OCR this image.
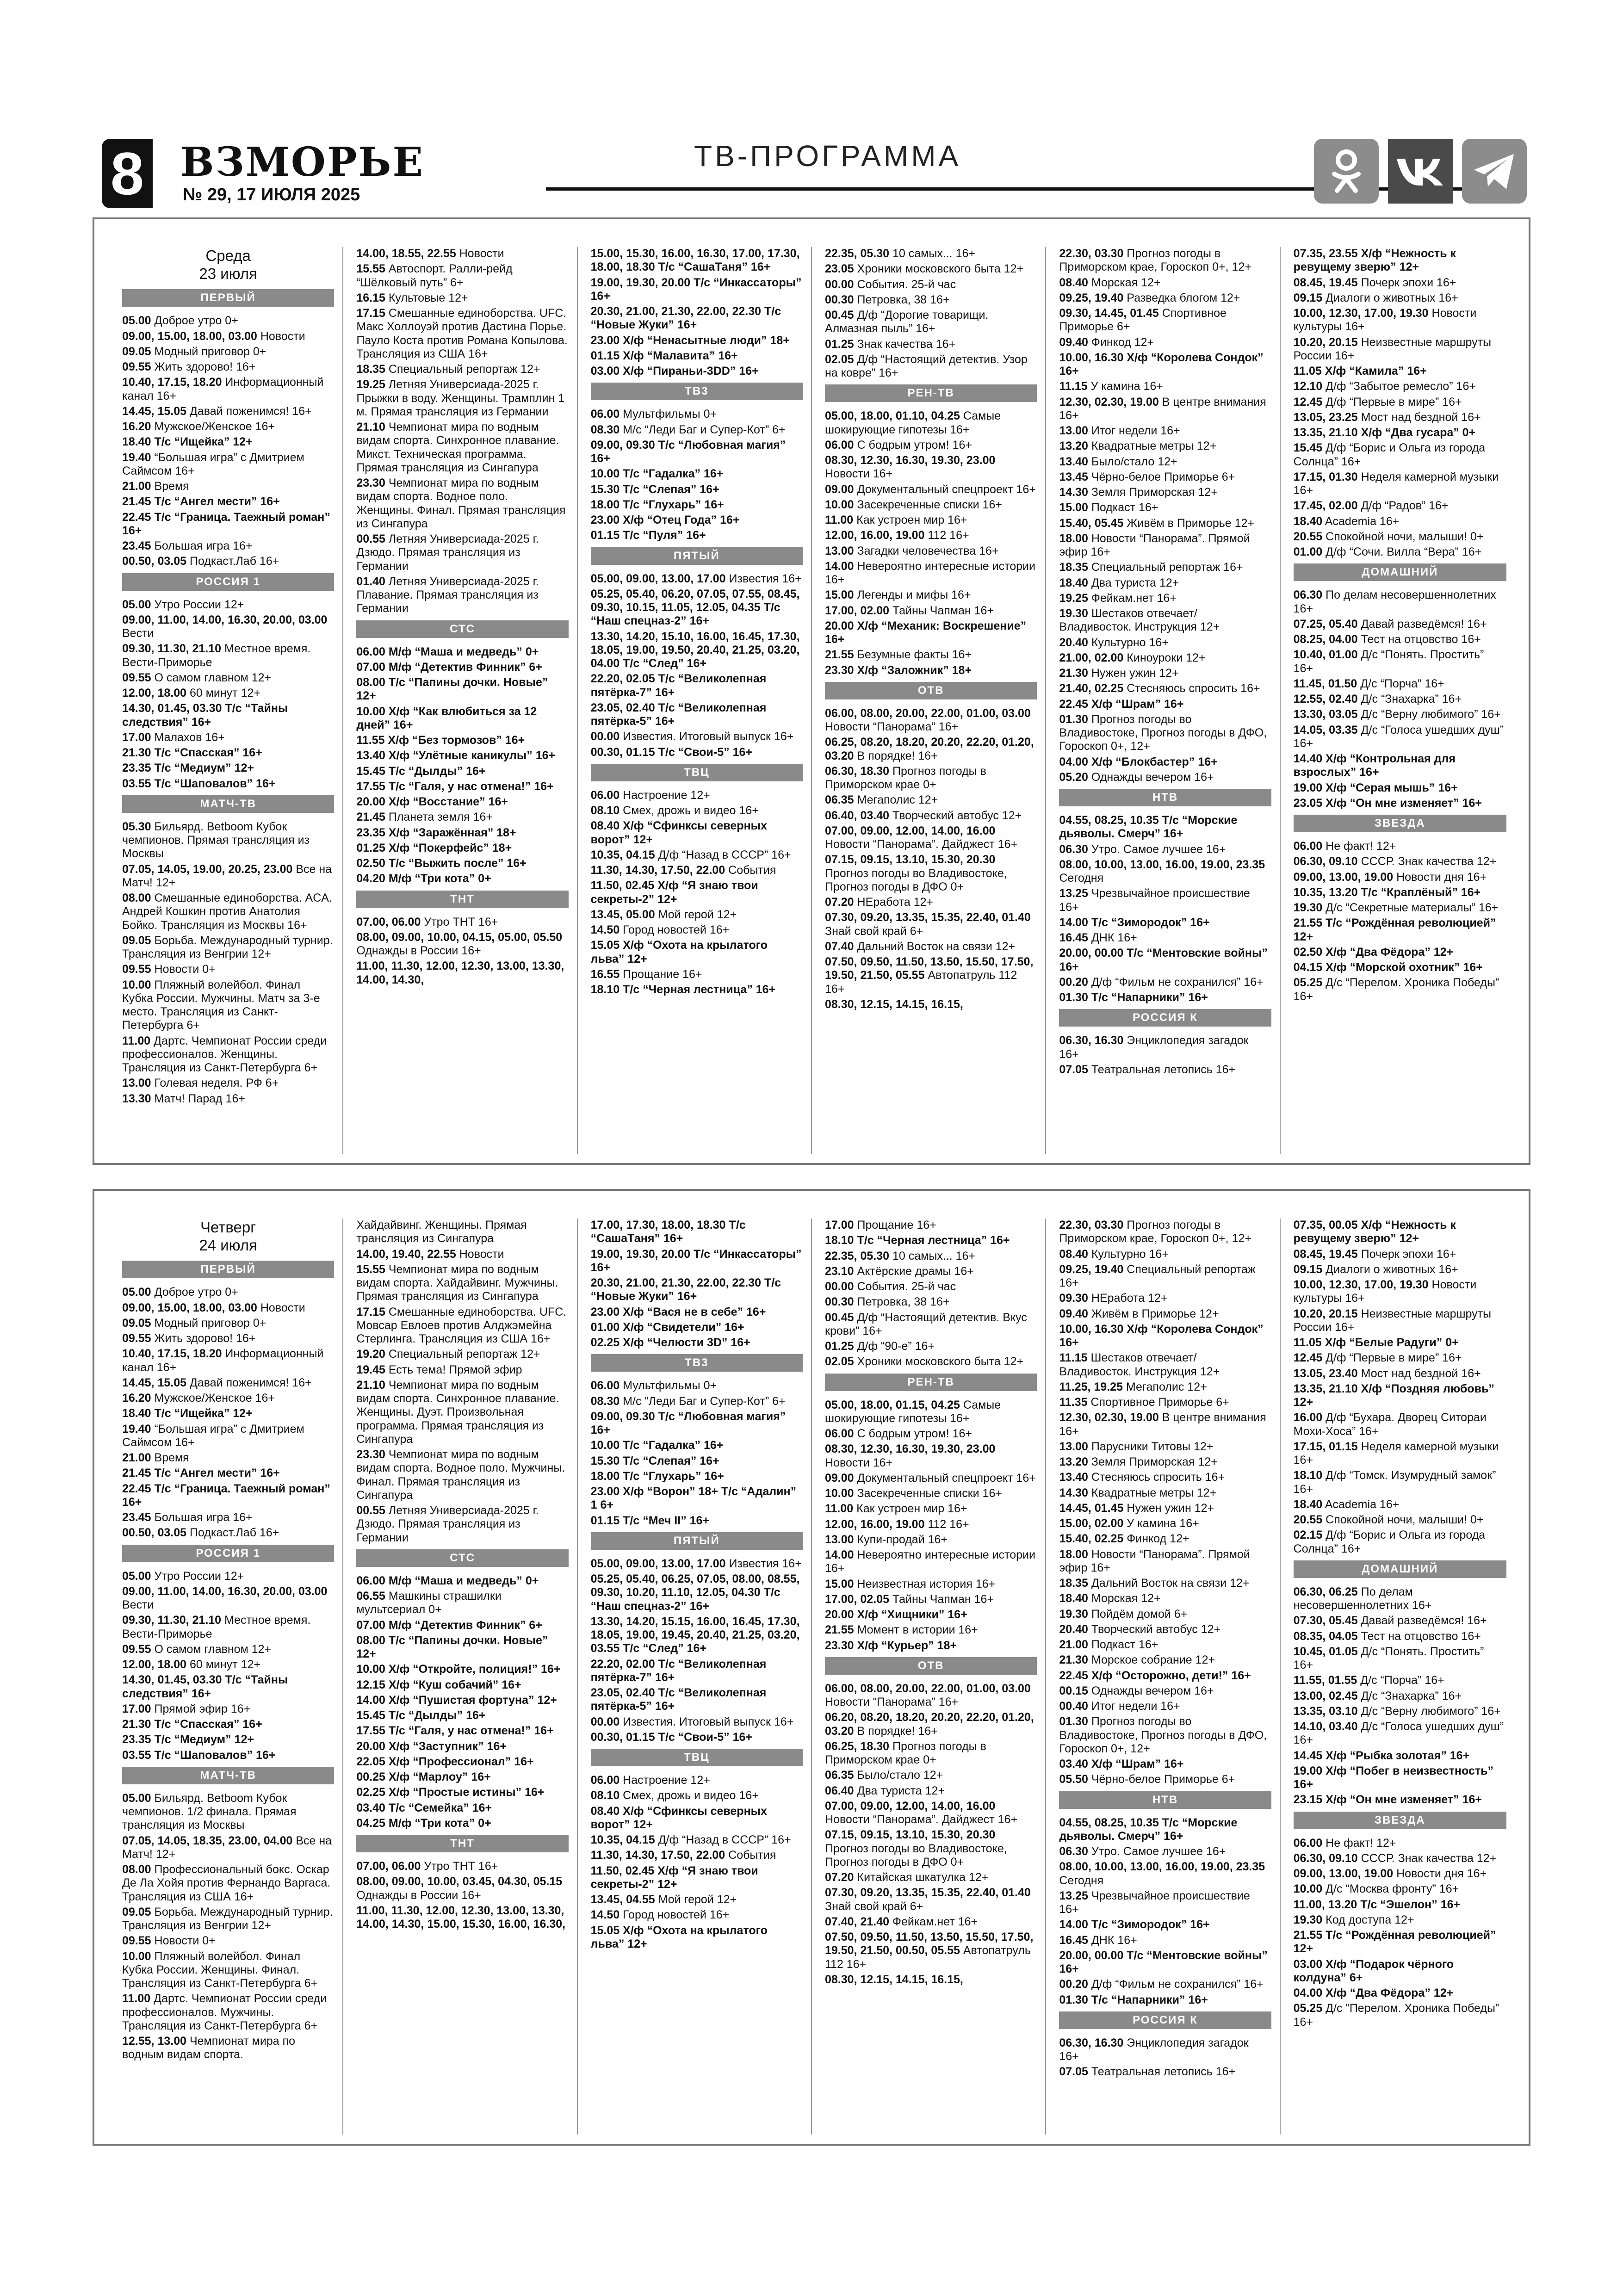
8 ВЗМОРЬЕ
№ 29, 17 ИЮЛЯ 2025
ТВ-ПРОГРАММА
Среда
23 июля
ПЕРВЫЙ
05.00 Доброе утро 0+
09.00, 15.00, 18.00, 03.00 Новости
09.05 Модный приговор 0+
09.55 Жить здорово! 16+
10.40, 17.15, 18.20 Информационный канал 16+
14.45, 15.05 Давай поженимся! 16+
16.20 Мужское/Женское 16+
18.40 Т/с “Ищейка” 12+
19.40 “Большая игра” с Дмитрием Саймсом 16+
21.00 Время
21.45 Т/с “Ангел мести” 16+
22.45 Т/с “Граница. Таежный роман” 16+
23.45 Большая игра 16+
00.50, 03.05 Подкаст.Лаб 16+
РОССИЯ 1
05.00 Утро России 12+
09.00, 11.00, 14.00, 16.30, 20.00, 03.00 Вести
09.30, 11.30, 21.10 Местное время. Вести-Приморье
09.55 О самом главном 12+
12.00, 18.00 60 минут 12+
14.30, 01.45, 03.30 Т/с “Тайны следствия” 16+
17.00 Малахов 16+
21.30 Т/с “Спасская” 16+
23.35 Т/с “Медиум” 12+
03.55 Т/с “Шаповалов” 16+
МАТЧ-ТВ
05.30 Бильярд. Betboom Кубок чемпионов. Прямая трансляция из Москвы
07.05, 14.05, 19.00, 20.25, 23.00 Все на Матч! 12+
08.00 Смешанные единоборства. ACA. Андрей Кошкин против Анатолия Бойко. Трансляция из Москвы 16+
09.05 Борьба. Международный турнир. Трансляция из Венгрии 12+
09.55 Новости 0+
10.00 Пляжный волейбол. Финал Кубка России. Мужчины. Матч за 3-е место. Трансляция из Санкт-Петербурга 6+
11.00 Дартс. Чемпионат России среди профессионалов. Женщины. Трансляция из Санкт-Петербурга 6+
13.00 Голевая неделя. РФ 6+
13.30 Матч! Парад 16+
14.00, 18.55, 22.55 Новости
15.55 Автоспорт. Ралли-рейд “Шёлковый путь” 6+
16.15 Культовые 12+
17.15 Смешанные единоборства. UFC. Макс Холлоуэй против Дастина Порье. Пауло Коста против Романа Копылова. Трансляция из США 16+
18.35 Специальный репортаж 12+
19.25 Летняя Универсиада-2025 г. Прыжки в воду. Женщины. Трамплин 1 м. Прямая трансляция из Германии
21.10 Чемпионат мира по водным видам спорта. Синхронное плавание. Микст. Техническая программа. Прямая трансляция из Сингапура
23.30 Чемпионат мира по водным видам спорта. Водное поло. Женщины. Финал. Прямая трансляция из Сингапура
00.55 Летняя Универсиада-2025 г. Дзюдо. Прямая трансляция из Германии
01.40 Летняя Универсиада-2025 г. Плавание. Прямая трансляция из Германии
СТС
06.00 М/ф “Маша и медведь” 0+
07.00 М/ф “Детектив Финник” 6+
08.00 Т/с “Папины дочки. Новые” 12+
10.00 Х/ф “Как влюбиться за 12 дней” 16+
11.55 Х/ф “Без тормозов” 16+
13.40 Х/ф “Улётные каникулы” 16+
15.45 Т/с “Дылды” 16+
17.55 Т/с “Галя, у нас отмена!” 16+
20.00 Х/ф “Восстание” 16+
21.45 Планета земля 16+
23.35 Х/ф “Заражённая” 18+
01.25 Х/ф “Покерфейс” 18+
02.50 Т/с “Выжить после” 16+
04.20 М/ф “Три кота” 0+
ТНТ
07.00, 06.00 Утро ТНТ 16+
08.00, 09.00, 10.00, 04.15, 05.00, 05.50 Однажды в России 16+
11.00, 11.30, 12.00, 12.30, 13.00, 13.30, 14.00, 14.30,
15.00, 15.30, 16.00, 16.30, 17.00, 17.30, 18.00, 18.30 Т/с “СашаТаня” 16+
19.00, 19.30, 20.00 Т/с “Инкассаторы” 16+
20.30, 21.00, 21.30, 22.00, 22.30 Т/с “Новые Жуки” 16+
23.00 Х/ф “Ненасытные люди” 18+
01.15 Х/ф “Малавита” 16+
03.00 Х/ф “Пираньи-3DD” 16+
ТВ3
06.00 Мультфильмы 0+
08.30 М/с “Леди Баг и Супер-Кот” 6+
09.00, 09.30 Т/с “Любовная магия” 16+
10.00 Т/с “Гадалка” 16+
15.30 Т/с “Слепая” 16+
18.00 Т/с “Глухарь” 16+
23.00 Х/ф “Отец Года” 16+
01.15 Т/с “Пуля” 16+
ПЯТЫЙ
05.00, 09.00, 13.00, 17.00 Известия 16+
05.25, 05.40, 06.20, 07.05, 07.55, 08.45, 09.30, 10.15, 11.05, 12.05, 04.35 Т/с “Наш спецназ-2” 16+
13.30, 14.20, 15.10, 16.00, 16.45, 17.30, 18.05, 19.00, 19.50, 20.40, 21.25, 03.20, 04.00 Т/с “След” 16+
22.20, 02.05 Т/с “Великолепная пятёрка-7” 16+
23.05, 02.40 Т/с “Великолепная пятёрка-5” 16+
00.00 Известия. Итоговый выпуск 16+
00.30, 01.15 Т/с “Свои-5” 16+
ТВЦ
06.00 Настроение 12+
08.10 Смех, дрожь и видео 16+
08.40 Х/ф “Сфинксы северных ворот” 12+
10.35, 04.15 Д/ф “Назад в СССР” 16+
11.30, 14.30, 17.50, 22.00 События
11.50, 02.45 Х/ф “Я знаю твои секреты-2” 12+
13.45, 05.00 Мой герой 12+
14.50 Город новостей 16+
15.05 Х/ф “Охота на крылатого льва” 12+
16.55 Прощание 16+
18.10 Т/с “Черная лестница” 16+
22.35, 05.30 10 самых... 16+
23.05 Хроники московского быта 12+
00.00 События. 25-й час
00.30 Петровка, 38 16+
00.45 Д/ф “Дорогие товарищи. Алмазная пыль” 16+
01.25 Знак качества 16+
02.05 Д/ф “Настоящий детектив. Узор на ковре” 16+
РЕН-ТВ
05.00, 18.00, 01.10, 04.25 Самые шокирующие гипотезы 16+
06.00 С бодрым утром! 16+
08.30, 12.30, 16.30, 19.30, 23.00 Новости 16+
09.00 Документальный спецпроект 16+
10.00 Засекреченные списки 16+
11.00 Как устроен мир 16+
12.00, 16.00, 19.00 112 16+
13.00 Загадки человечества 16+
14.00 Невероятно интересные истории 16+
15.00 Легенды и мифы 16+
17.00, 02.00 Тайны Чапман 16+
20.00 Х/ф “Механик: Воскрешение” 16+
21.55 Безумные факты 16+
23.30 Х/ф “Заложник” 18+
ОТВ
06.00, 08.00, 20.00, 22.00, 01.00, 03.00 Новости “Панорама” 16+
06.25, 08.20, 18.20, 20.20, 22.20, 01.20, 03.20 В порядке! 16+
06.30, 18.30 Прогноз погоды в Приморском крае 0+
06.35 Мегаполис 12+
06.40, 03.40 Творческий автобус 12+
07.00, 09.00, 12.00, 14.00, 16.00 Новости “Панорама”. Дайджест 16+
07.15, 09.15, 13.10, 15.30, 20.30 Прогноз погоды во Владивостоке, Прогноз погоды в ДФО 0+
07.20 НЕработа 12+
07.30, 09.20, 13.35, 15.35, 22.40, 01.40 Знай свой край 6+
07.40 Дальний Восток на связи 12+
07.50, 09.50, 11.50, 13.50, 15.50, 17.50, 19.50, 21.50, 05.55 Автопатруль 112 16+
08.30, 12.15, 14.15, 16.15,
22.30, 03.30 Прогноз погоды в Приморском крае, Гороскоп 0+, 12+
08.40 Морская 12+
09.25, 19.40 Разведка блогом 12+
09.30, 14.45, 01.45 Спортивное Приморье 6+
09.40 Финкод 12+
10.00, 16.30 Х/ф “Королева Сондок” 16+
11.15 У камина 16+
12.30, 02.30, 19.00 В центре внимания 16+
13.00 Итог недели 16+
13.20 Квадратные метры 12+
13.40 Было/стало 12+
13.45 Чёрно-белое Приморье 6+
14.30 Земля Приморская 12+
15.00 Подкаст 16+
15.40, 05.45 Живём в Приморье 12+
18.00 Новости “Панорама”. Прямой эфир 16+
18.35 Специальный репортаж 16+
18.40 Два туриста 12+
19.25 Фейкам.нет 16+
19.30 Шестаков отвечает/ Владивосток. Инструкция 12+
20.40 Культурно 16+
21.00, 02.00 Киноуроки 12+
21.30 Нужен ужин 12+
21.40, 02.25 Стесняюсь спросить 16+
22.45 Х/ф “Шрам” 16+
01.30 Прогноз погоды во Владивостоке, Прогноз погоды в ДФО, Гороскоп 0+, 12+
04.00 Х/ф “Блокбастер” 16+
05.20 Однажды вечером 16+
НТВ
04.55, 08.25, 10.35 Т/с “Морские дьяволы. Смерч” 16+
06.30 Утро. Самое лучшее 16+
08.00, 10.00, 13.00, 16.00, 19.00, 23.35 Сегодня
13.25 Чрезвычайное происшествие 16+
14.00 Т/с “Зимородок” 16+
16.45 ДНК 16+
20.00, 00.00 Т/с “Ментовские войны” 16+
00.20 Д/ф “Фильм не сохранился” 16+
01.30 Т/с “Напарники” 16+
РОССИЯ К
06.30, 16.30 Энциклопедия загадок 16+
07.05 Театральная летопись 16+
07.35, 23.55 Х/ф “Нежность к ревущему зверю” 12+
08.45, 19.45 Почерк эпохи 16+
09.15 Диалоги о животных 16+
10.00, 12.30, 17.00, 19.30 Новости культуры 16+
10.20, 20.15 Неизвестные маршруты России 16+
11.05 Х/ф “Камила” 16+
12.10 Д/ф “Забытое ремесло” 16+
12.45 Д/ф “Первые в мире” 16+
13.05, 23.25 Мост над бездной 16+
13.35, 21.10 Х/ф “Два гусара” 0+
15.45 Д/ф “Борис и Ольга из города Солнца” 16+
17.15, 01.30 Неделя камерной музыки 16+
17.45, 02.00 Д/ф “Радов” 16+
18.40 Academia 16+
20.55 Спокойной ночи, малыши! 0+
01.00 Д/ф “Сочи. Вилла “Вера” 16+
ДОМАШНИЙ
06.30 По делам несовершеннолетних 16+
07.25, 05.40 Давай разведёмся! 16+
08.25, 04.00 Тест на отцовство 16+
10.40, 01.00 Д/с “Понять. Простить” 16+
11.45, 01.50 Д/с “Порча” 16+
12.55, 02.40 Д/с “Знахарка” 16+
13.30, 03.05 Д/с “Верну любимого” 16+
14.05, 03.35 Д/с “Голоса ушедших душ” 16+
14.40 Х/ф “Контрольная для взрослых” 16+
19.00 Х/ф “Серая мышь” 16+
23.05 Х/ф “Он мне изменяет” 16+
ЗВЕЗДА
06.00 Не факт! 12+
06.30, 09.10 СССР. Знак качества 12+
09.00, 13.00, 19.00 Новости дня 16+
10.35, 13.20 Т/с “Краплёный” 16+
19.30 Д/с “Секретные материалы” 16+
21.55 Т/с “Рождённая революцией” 12+
02.50 Х/ф “Два Фёдора” 12+
04.15 Х/ф “Морской охотник” 16+
05.25 Д/с “Перелом. Хроника Победы” 16+
Четверг
24 июля
ПЕРВЫЙ
05.00 Доброе утро 0+
09.00, 15.00, 18.00, 03.00 Новости
09.05 Модный приговор 0+
09.55 Жить здорово! 16+
10.40, 17.15, 18.20 Информационный канал 16+
14.45, 15.05 Давай поженимся! 16+
16.20 Мужское/Женское 16+
18.40 Т/с “Ищейка” 12+
19.40 “Большая игра” с Дмитрием Саймсом 16+
21.00 Время
21.45 Т/с “Ангел мести” 16+
22.45 Т/с “Граница. Таежный роман” 16+
23.45 Большая игра 16+
00.50, 03.05 Подкаст.Лаб 16+
РОССИЯ 1
05.00 Утро России 12+
09.00, 11.00, 14.00, 16.30, 20.00, 03.00 Вести
09.30, 11.30, 21.10 Местное время. Вести-Приморье
09.55 О самом главном 12+
12.00, 18.00 60 минут 12+
14.30, 01.45, 03.30 Т/с “Тайны следствия” 16+
17.00 Прямой эфир 16+
21.30 Т/с “Спасская” 16+
23.35 Т/с “Медиум” 12+
03.55 Т/с “Шаповалов” 16+
МАТЧ-ТВ
05.00 Бильярд. Betboom Кубок чемпионов. 1/2 финала. Прямая трансляция из Москвы
07.05, 14.05, 18.35, 23.00, 04.00 Все на Матч! 12+
08.00 Профессиональный бокс. Оскар Де Ла Хойя против Фернандо Варгаса. Трансляция из США 16+
09.05 Борьба. Международный турнир. Трансляция из Венгрии 12+
09.55 Новости 0+
10.00 Пляжный волейбол. Финал Кубка России. Женщины. Финал. Трансляция из Санкт-Петербурга 6+
11.00 Дартс. Чемпионат России среди профессионалов. Мужчины. Трансляция из Санкт-Петербурга 6+
12.55, 13.00 Чемпионат мира по водным видам спорта.
Хайдайвинг. Женщины. Прямая трансляция из Сингапура
14.00, 19.40, 22.55 Новости
15.55 Чемпионат мира по водным видам спорта. Хайдайвинг. Мужчины. Прямая трансляция из Сингапура
17.15 Смешанные единоборства. UFC. Мовсар Евлоев против Алджэмейна Стерлинга. Трансляция из США 16+
19.20 Специальный репортаж 12+
19.45 Есть тема! Прямой эфир
21.10 Чемпионат мира по водным видам спорта. Синхронное плавание. Женщины. Дуэт. Произвольная программа. Прямая трансляция из Сингапура
23.30 Чемпионат мира по водным видам спорта. Водное поло. Мужчины. Финал. Прямая трансляция из Сингапура
00.55 Летняя Универсиада-2025 г. Дзюдо. Прямая трансляция из Германии
СТС
06.00 М/ф “Маша и медведь” 0+
06.55 Машкины страшилки мультсериал 0+
07.00 М/ф “Детектив Финник” 6+
08.00 Т/с “Папины дочки. Новые” 12+
10.00 Х/ф “Откройте, полиция!” 16+
12.15 Х/ф “Куш собачий” 16+
14.00 Х/ф “Пушистая фортуна” 12+
15.45 Т/с “Дылды” 16+
17.55 Т/с “Галя, у нас отмена!” 16+
20.00 Х/ф “Заступник” 16+
22.05 Х/ф “Профессионал” 16+
00.25 Х/ф “Марлоу” 16+
02.25 Х/ф “Простые истины” 16+
03.40 Т/с “Семейка” 16+
04.25 М/ф “Три кота” 0+
ТНТ
07.00, 06.00 Утро ТНТ 16+
08.00, 09.00, 10.00, 03.45, 04.30, 05.15 Однажды в России 16+
11.00, 11.30, 12.00, 12.30, 13.00, 13.30, 14.00, 14.30, 15.00, 15.30, 16.00, 16.30,
17.00, 17.30, 18.00, 18.30 Т/с “СашаТаня” 16+
19.00, 19.30, 20.00 Т/с “Инкассаторы” 16+
20.30, 21.00, 21.30, 22.00, 22.30 Т/с “Новые Жуки” 16+
23.00 Х/ф “Вася не в себе” 16+
01.00 Х/ф “Свидетели” 16+
02.25 Х/ф “Челюсти 3D” 16+
ТВ3
06.00 Мультфильмы 0+
08.30 М/с “Леди Баг и Супер-Кот” 6+
09.00, 09.30 Т/с “Любовная магия” 16+
10.00 Т/с “Гадалка” 16+
15.30 Т/с “Слепая” 16+
18.00 Т/с “Глухарь” 16+
23.00 Х/ф “Ворон” 18+ Т/с “Адалин” 1 6+
01.15 Т/с “Меч II” 16+
ПЯТЫЙ
05.00, 09.00, 13.00, 17.00 Известия 16+
05.25, 05.40, 06.25, 07.05, 08.00, 08.55, 09.30, 10.20, 11.10, 12.05, 04.30 Т/с “Наш спецназ-2” 16+
13.30, 14.20, 15.15, 16.00, 16.45, 17.30, 18.05, 19.00, 19.45, 20.40, 21.25, 03.20, 03.55 Т/с “След” 16+
22.20, 02.00 Т/с “Великолепная пятёрка-7” 16+
23.05, 02.40 Т/с “Великолепная пятёрка-5” 16+
00.00 Известия. Итоговый выпуск 16+
00.30, 01.15 Т/с “Свои-5” 16+
ТВЦ
06.00 Настроение 12+
08.10 Смех, дрожь и видео 16+
08.40 Х/ф “Сфинксы северных ворот” 12+
10.35, 04.15 Д/ф “Назад в СССР” 16+
11.30, 14.30, 17.50, 22.00 События
11.50, 02.45 Х/ф “Я знаю твои секреты-2” 12+
13.45, 04.55 Мой герой 12+
14.50 Город новостей 16+
15.05 Х/ф “Охота на крылатого льва” 12+
17.00 Прощание 16+
18.10 Т/с “Черная лестница” 16+
22.35, 05.30 10 самых... 16+
23.10 Актёрские драмы 16+
00.00 События. 25-й час
00.30 Петровка, 38 16+
00.45 Д/ф “Настоящий детектив. Вкус крови” 16+
01.25 Д/ф “90-е” 16+
02.05 Хроники московского быта 12+
РЕН-ТВ
05.00, 18.00, 01.15, 04.25 Самые шокирующие гипотезы 16+
06.00 С бодрым утром! 16+
08.30, 12.30, 16.30, 19.30, 23.00 Новости 16+
09.00 Документальный спецпроект 16+
10.00 Засекреченные списки 16+
11.00 Как устроен мир 16+
12.00, 16.00, 19.00 112 16+
13.00 Купи-продай 16+
14.00 Невероятно интересные истории 16+
15.00 Неизвестная история 16+
17.00, 02.05 Тайны Чапман 16+
20.00 Х/ф “Хищники” 16+
21.55 Момент в истории 16+
23.30 Х/ф “Курьер” 18+
ОТВ
06.00, 08.00, 20.00, 22.00, 01.00, 03.00 Новости “Панорама” 16+
06.20, 08.20, 18.20, 20.20, 22.20, 01.20, 03.20 В порядке! 16+
06.25, 18.30 Прогноз погоды в Приморском крае 0+
06.35 Было/стало 12+
06.40 Два туриста 12+
07.00, 09.00, 12.00, 14.00, 16.00 Новости “Панорама”. Дайджест 16+
07.15, 09.15, 13.10, 15.30, 20.30 Прогноз погоды во Владивостоке, Прогноз погоды в ДФО 0+
07.20 Китайская шкатулка 12+
07.30, 09.20, 13.35, 15.35, 22.40, 01.40 Знай свой край 6+
07.40, 21.40 Фейкам.нет 16+
07.50, 09.50, 11.50, 13.50, 15.50, 17.50, 19.50, 21.50, 00.50, 05.55 Автопатруль 112 16+
08.30, 12.15, 14.15, 16.15,
22.30, 03.30 Прогноз погоды в Приморском крае, Гороскоп 0+, 12+
08.40 Культурно 16+
09.25, 19.40 Специальный репортаж 16+
09.30 НЕработа 12+
09.40 Живём в Приморье 12+
10.00, 16.30 Х/ф “Королева Сондок” 16+
11.15 Шестаков отвечает/ Владивосток. Инструкция 12+
11.25, 19.25 Мегаполис 12+
11.35 Спортивное Приморье 6+
12.30, 02.30, 19.00 В центре внимания 16+
13.00 Парусники Титовы 12+
13.20 Земля Приморская 12+
13.40 Стесняюсь спросить 16+
14.30 Квадратные метры 12+
14.45, 01.45 Нужен ужин 12+
15.00, 02.00 У камина 16+
15.40, 02.25 Финкод 12+
18.00 Новости “Панорама”. Прямой эфир 16+
18.35 Дальний Восток на связи 12+
18.40 Морская 12+
19.30 Пойдём домой 6+
20.40 Творческий автобус 12+
21.00 Подкаст 16+
21.30 Морское собрание 12+
22.45 Х/ф “Осторожно, дети!” 16+
00.15 Однажды вечером 16+
00.40 Итог недели 16+
01.30 Прогноз погоды во Владивостоке, Прогноз погоды в ДФО, Гороскоп 0+, 12+
03.40 Х/ф “Шрам” 16+
05.50 Чёрно-белое Приморье 6+
НТВ
04.55, 08.25, 10.35 Т/с “Морские дьяволы. Смерч” 16+
06.30 Утро. Самое лучшее 16+
08.00, 10.00, 13.00, 16.00, 19.00, 23.35 Сегодня
13.25 Чрезвычайное происшествие 16+
14.00 Т/с “Зимородок” 16+
16.45 ДНК 16+
20.00, 00.00 Т/с “Ментовские войны” 16+
00.20 Д/ф “Фильм не сохранился” 16+
01.30 Т/с “Напарники” 16+
РОССИЯ К
06.30, 16.30 Энциклопедия загадок 16+
07.05 Театральная летопись 16+
07.35, 00.05 Х/ф “Нежность к ревущему зверю” 12+
08.45, 19.45 Почерк эпохи 16+
09.15 Диалоги о животных 16+
10.00, 12.30, 17.00, 19.30 Новости культуры 16+
10.20, 20.15 Неизвестные маршруты России 16+
11.05 Х/ф “Белые Радуги” 0+
12.45 Д/ф “Первые в мире” 16+
13.05, 23.40 Мост над бездной 16+
13.35, 21.10 Х/ф “Поздняя любовь” 12+
16.00 Д/ф “Бухара. Дворец Ситораи Мохи-Хоса” 16+
17.15, 01.15 Неделя камерной музыки 16+
18.10 Д/ф “Томск. Изумрудный замок” 16+
18.40 Academia 16+
20.55 Спокойной ночи, малыши! 0+
02.15 Д/ф “Борис и Ольга из города Солнца” 16+
ДОМАШНИЙ
06.30, 06.25 По делам несовершеннолетних 16+
07.30, 05.45 Давай разведёмся! 16+
08.35, 04.05 Тест на отцовство 16+
10.45, 01.05 Д/с “Понять. Простить” 16+
11.55, 01.55 Д/с “Порча” 16+
13.00, 02.45 Д/с “Знахарка” 16+
13.35, 03.10 Д/с “Верну любимого” 16+
14.10, 03.40 Д/с “Голоса ушедших душ” 16+
14.45 Х/ф “Рыбка золотая” 16+
19.00 Х/ф “Побег в неизвестность” 16+
23.15 Х/ф “Он мне изменяет” 16+
ЗВЕЗДА
06.00 Не факт! 12+
06.30, 09.10 СССР. Знак качества 12+
09.00, 13.00, 19.00 Новости дня 16+
10.00 Д/с “Москва фронту” 16+
11.00, 13.20 Т/с “Эшелон” 16+
19.30 Код доступа 12+
21.55 Т/с “Рождённая революцией” 12+
03.00 Х/ф “Подарок чёрного колдуна” 6+
04.00 Х/ф “Два Фёдора” 12+
05.25 Д/с “Перелом. Хроника Победы” 16+
